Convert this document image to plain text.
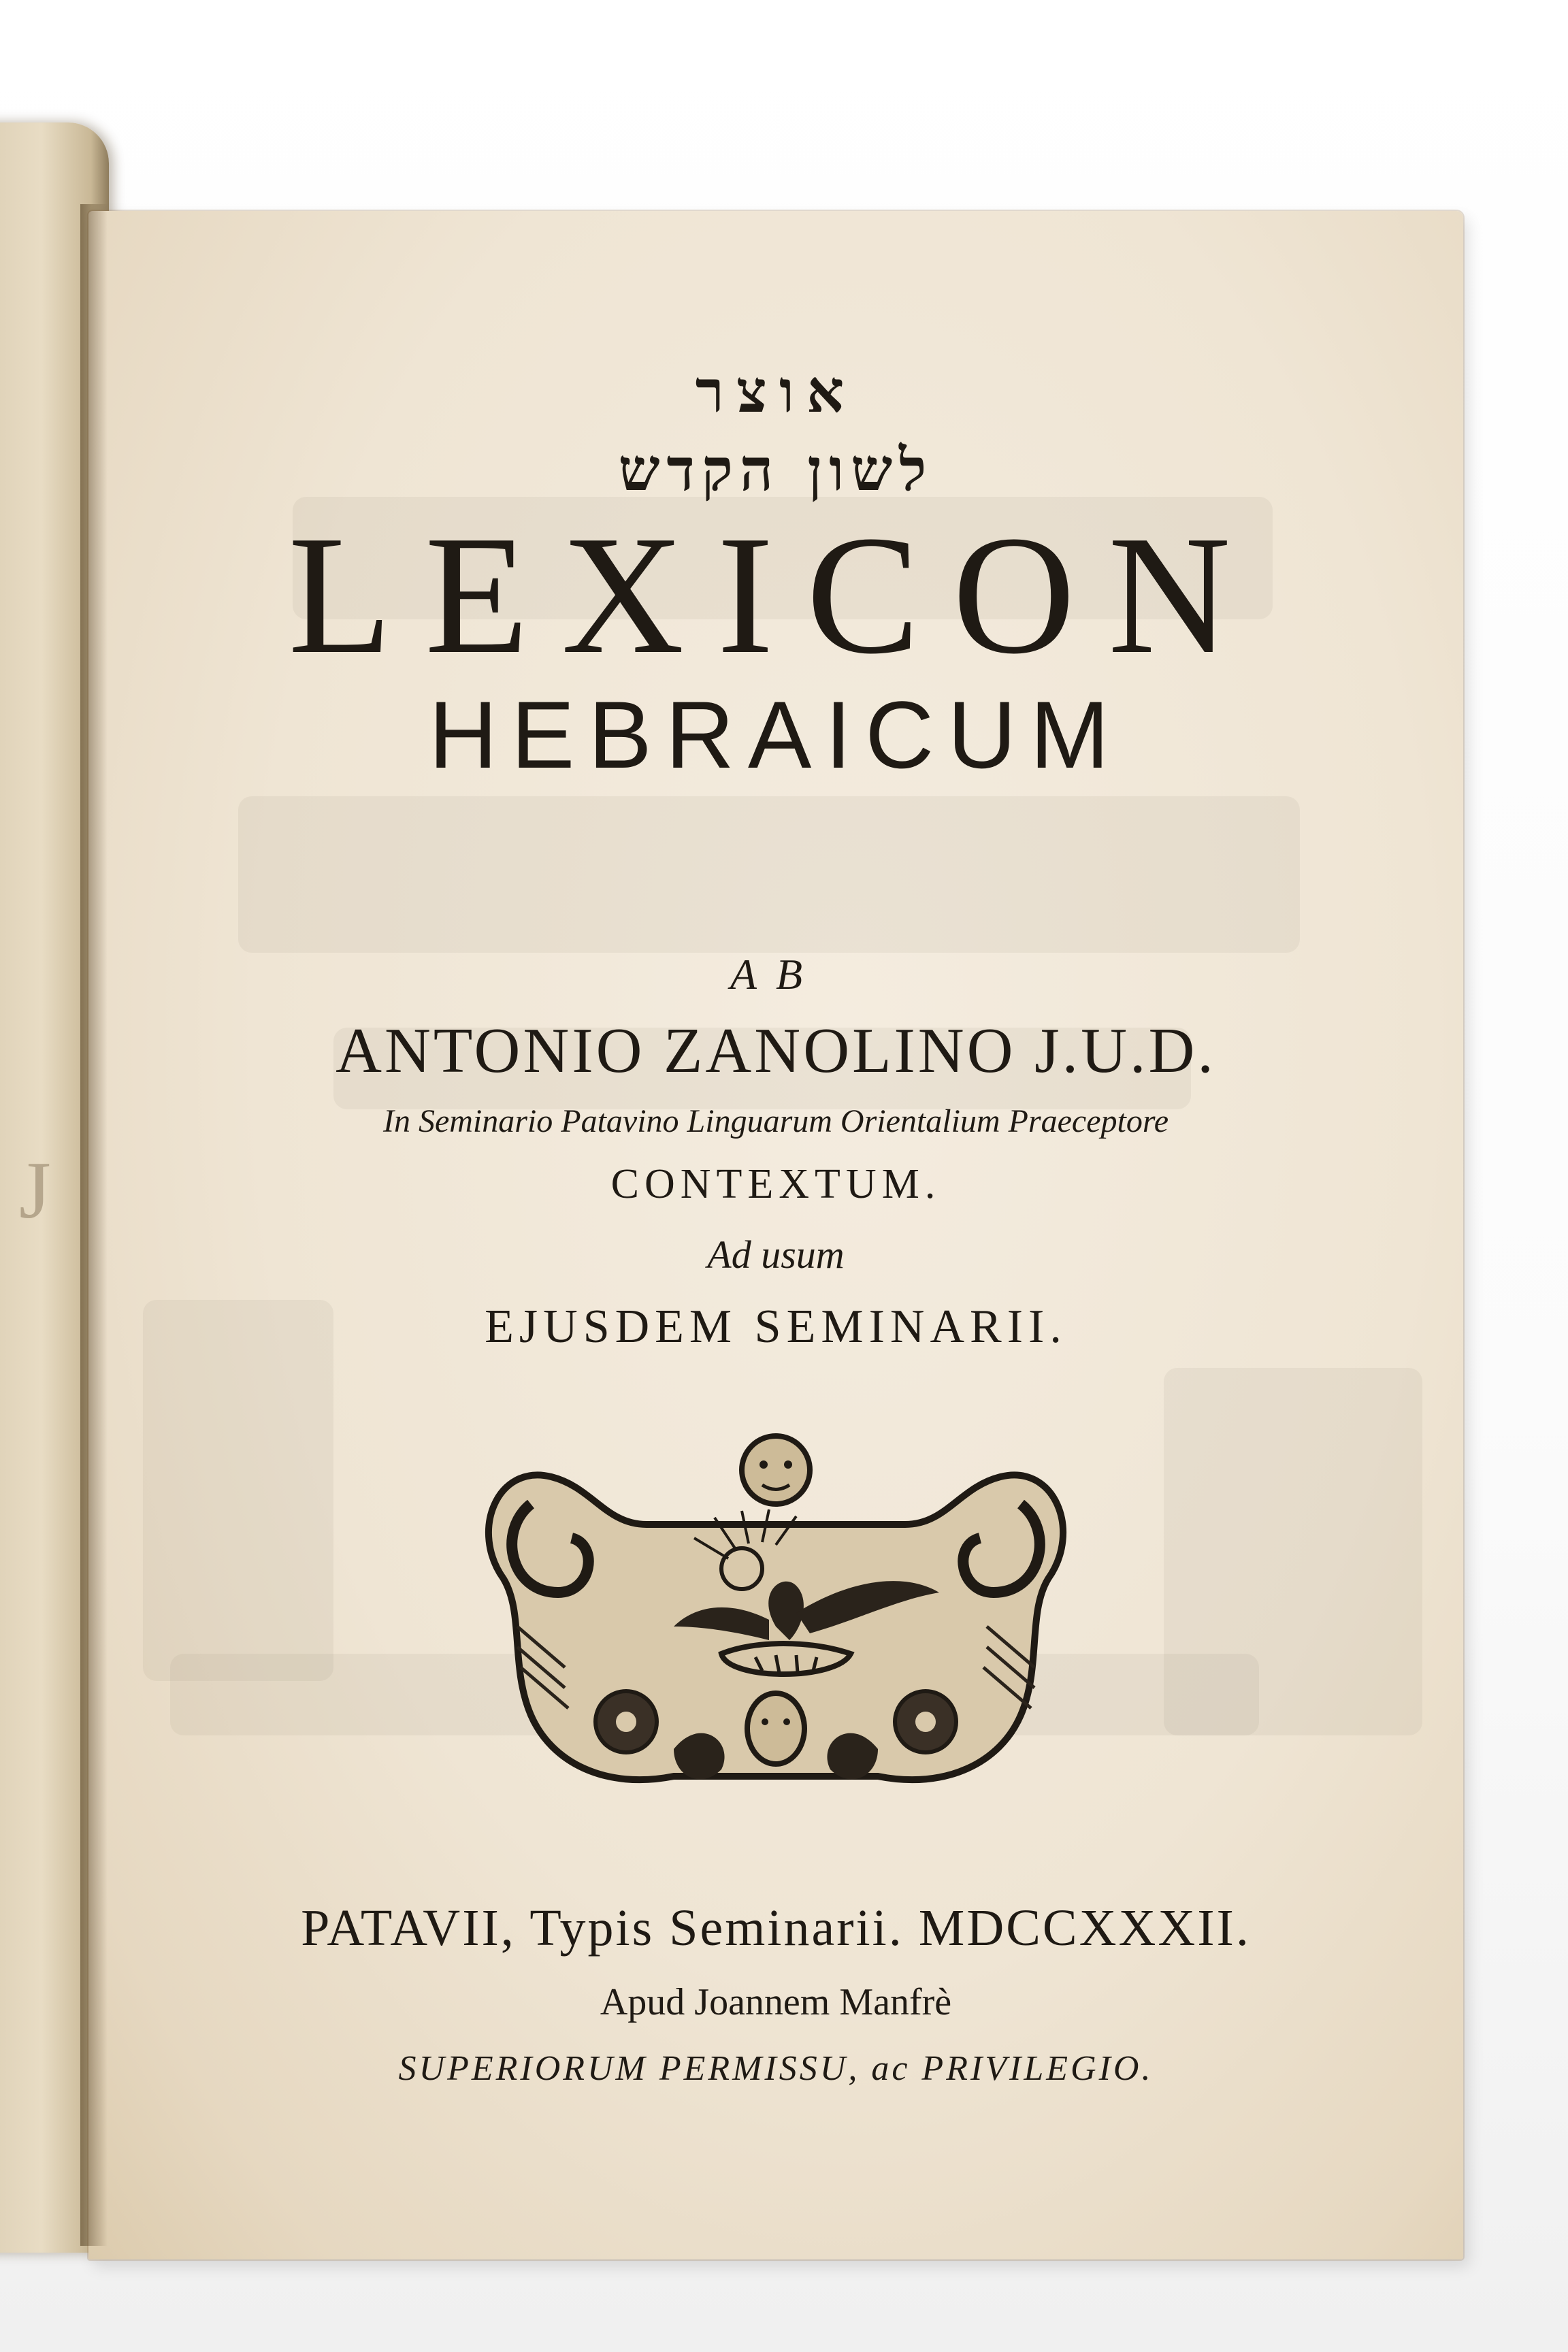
J
אוצר
לשון הקדש
LEXICON
HEBRAICUM
AB
ANTONIO ZANOLINO J.U.D.
In Seminario Patavino Linguarum Orientalium Praeceptore
CONTEXTUM.
Ad usum
EJUSDEM SEMINARII.
PATAVII, Typis Seminarii. MDCCXXXII.
Apud Joannem Manfrè
SUPERIORUM PERMISSU, ac PRIVILEGIO.
